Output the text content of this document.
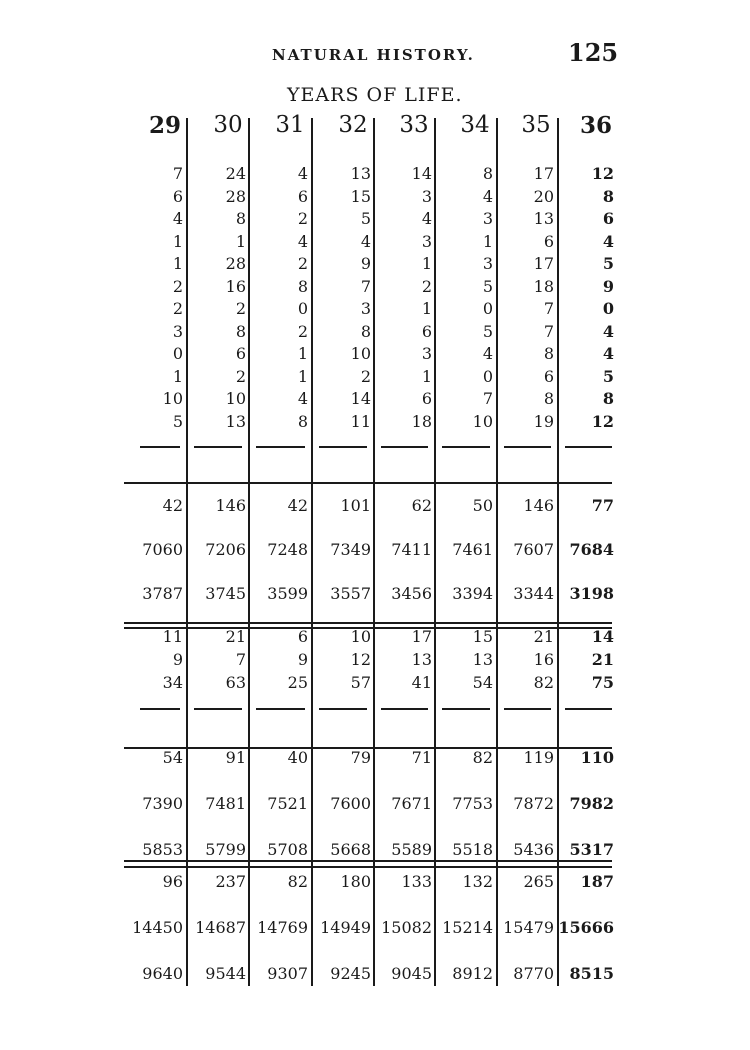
NATURAL HISTORY.	125
YEARS OF LIFE.
29	30	31	32	33	34	35	36
7	24	4	13	14	8	17	12
6	28	6	15	3	4	20	8
4	8	2	5	4	3	13	6
1	1	4	4	3	1	6	4
1	28	2	9	1	3	17	5
2	16	8	7	2	5	18	9
2	2	0	3	1	0	7	0
3	8	2	8	6	5	7	4
0	6	1	10	3	4	8	4
1	2	1	2	1	0	6	5
10	10	4	14	6	7	8	8
5	13	8	11	18	10	19	12
42	146	42	101	62	50	146	77
7060	7206	7248	7349	7411	7461	7607 7684
3787	3745	3599	3557	3456	3394	3344 3198
11	21	6	10	17	15	21	14
9	7	9	12	13	13	16	21
34	63	25	57	41	54	82	75
54	91	40	79	71	82	119	110
7390	7481	7521	7600	7671	7753	7872 7982
5853	5799	5708	5668	5589	5518	5436 5317
96	237	82	180	133	132	265	187
14450 14687 14769 14949 15082 15214 15479 15666
9640	9544	9307	9245	9045	8912	8770 8515
